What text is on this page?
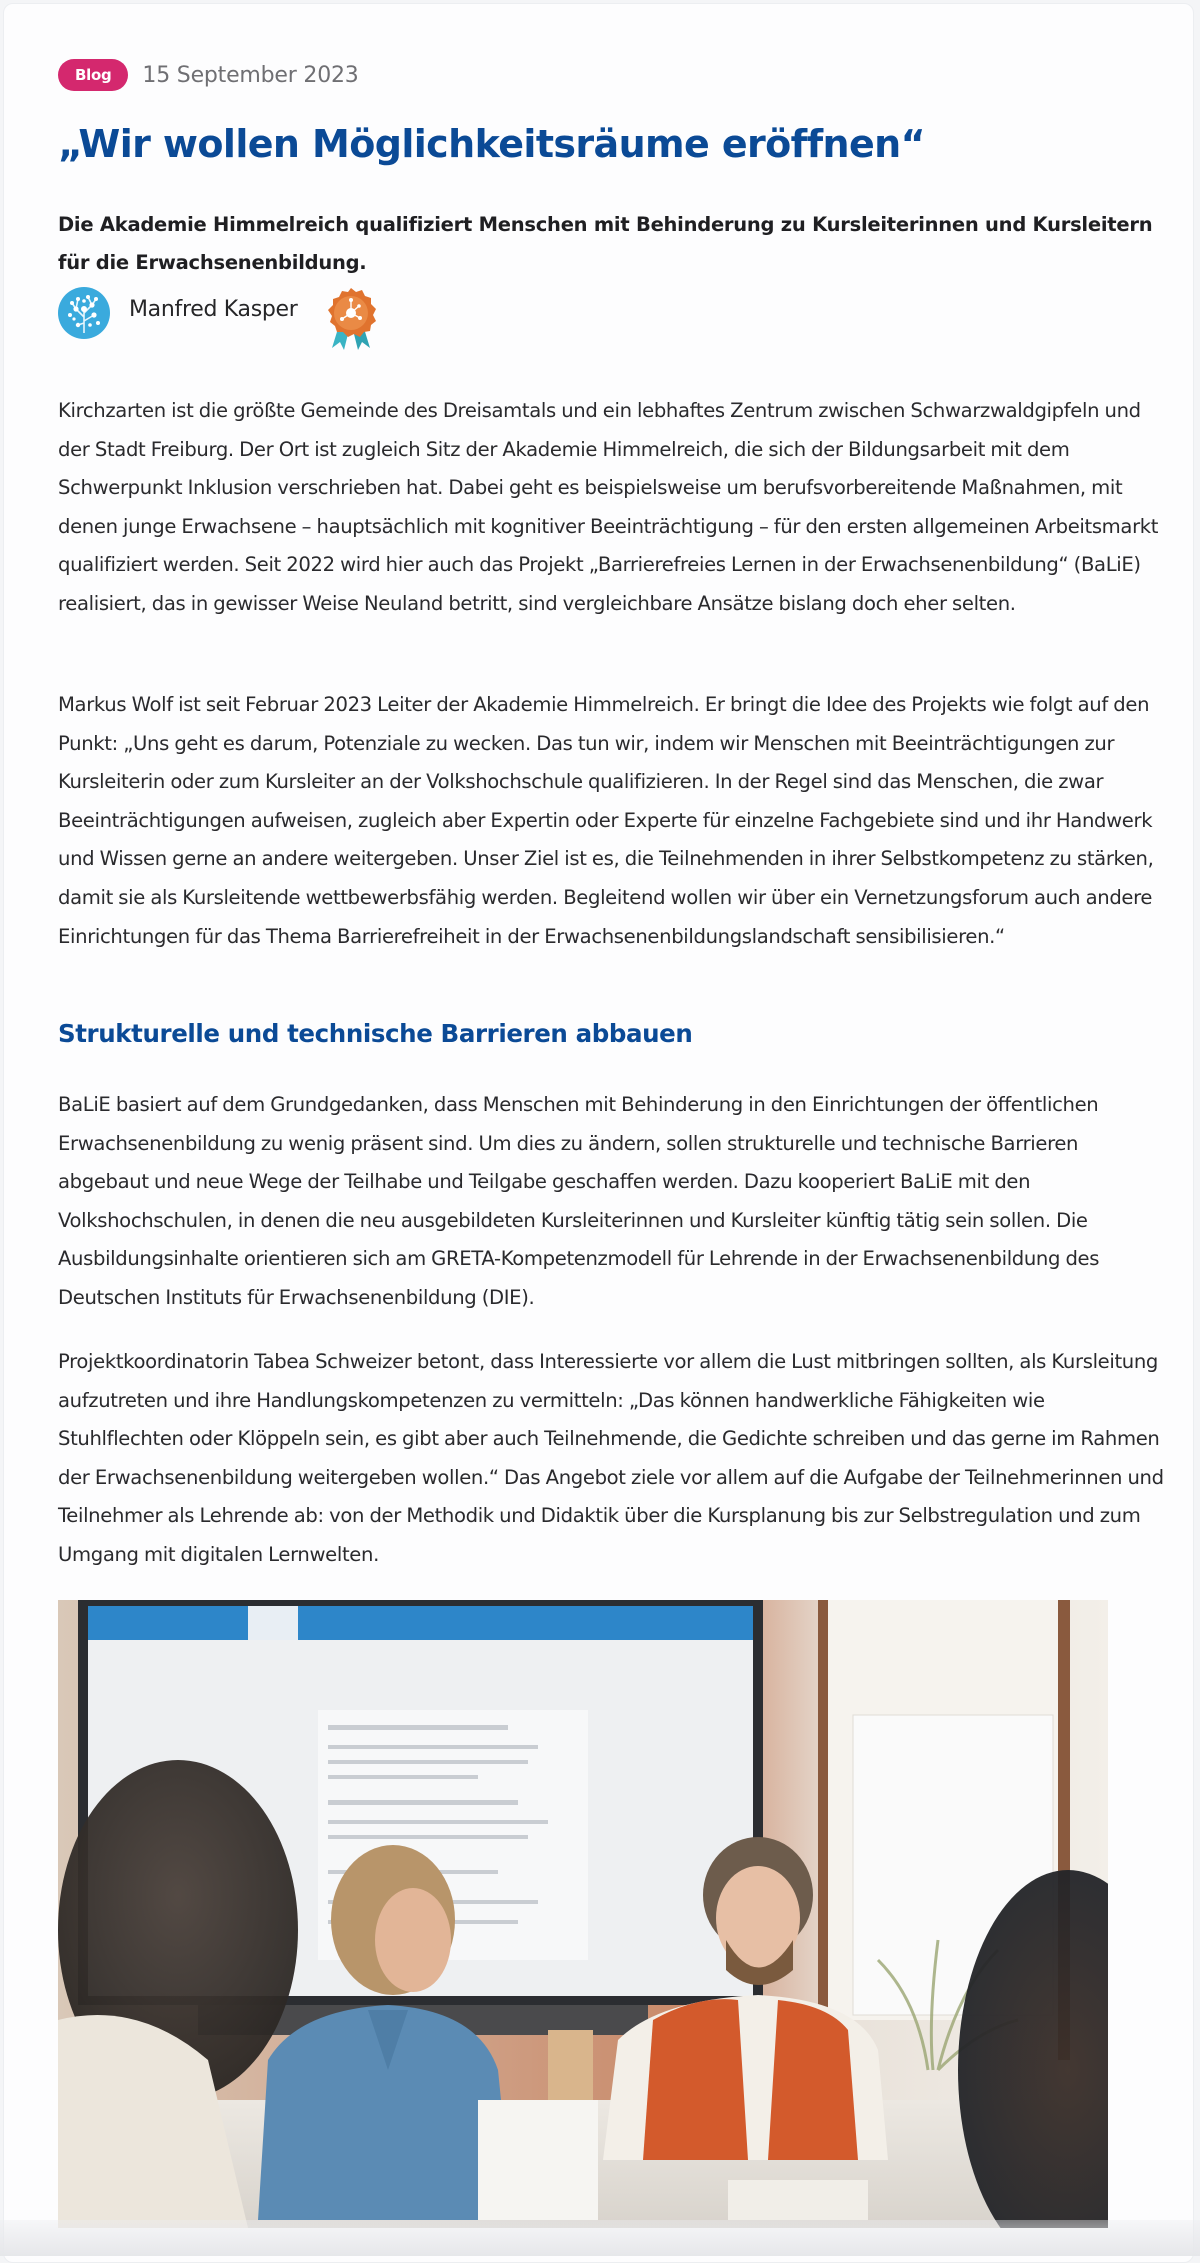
Blog	15 September 2023
„Wir wollen Möglichkeitsräume eröffnen“

Die Akademie Himmelreich qualifiziert Menschen mit Behinderung zu Kursleiterinnen und Kursleitern für die Erwachsenenbildung.

Manfred Kasper

Kirchzarten ist die größte Gemeinde des Dreisamtals und ein lebhaftes Zentrum zwischen Schwarzwaldgipfeln und der Stadt Freiburg. Der Ort ist zugleich Sitz der Akademie Himmelreich, die sich der Bildungsarbeit mit dem Schwerpunkt Inklusion verschrieben hat. Dabei geht es beispielsweise um berufsvorbereitende Maßnahmen, mit denen junge Erwachsene – hauptsächlich mit kognitiver Beeinträchtigung – für den ersten allgemeinen Arbeitsmarkt qualifiziert werden. Seit 2022 wird hier auch das Projekt „Barrierefreies Lernen in der Erwachsenenbildung“ (BaLiE) realisiert, das in gewisser Weise Neuland betritt, sind vergleichbare Ansätze bislang doch eher selten.

Markus Wolf ist seit Februar 2023 Leiter der Akademie Himmelreich. Er bringt die Idee des Projekts wie folgt auf den Punkt: „Uns geht es darum, Potenziale zu wecken. Das tun wir, indem wir Menschen mit Beeinträchtigungen zur Kursleiterin oder zum Kursleiter an der Volkshochschule qualifizieren. In der Regel sind das Menschen, die zwar Beeinträchtigungen aufweisen, zugleich aber Expertin oder Experte für einzelne Fachgebiete sind und ihr Handwerk und Wissen gerne an andere weitergeben. Unser Ziel ist es, die Teilnehmenden in ihrer Selbstkompetenz zu stärken, damit sie als Kursleitende wettbewerbsfähig werden. Begleitend wollen wir über ein Vernetzungsforum auch andere Einrichtungen für das Thema Barrierefreiheit in der Erwachsenenbildungslandschaft sensibilisieren.“

Strukturelle und technische Barrieren abbauen

BaLiE basiert auf dem Grundgedanken, dass Menschen mit Behinderung in den Einrichtungen der öffentlichen Erwachsenenbildung zu wenig präsent sind. Um dies zu ändern, sollen strukturelle und technische Barrieren abgebaut und neue Wege der Teilhabe und Teilgabe geschaffen werden. Dazu kooperiert BaLiE mit den Volkshochschulen, in denen die neu ausgebildeten Kursleiterinnen und Kursleiter künftig tätig sein sollen. Die Ausbildungsinhalte orientieren sich am GRETA-Kompetenzmodell für Lehrende in der Erwachsenenbildung des Deutschen Instituts für Erwachsenenbildung (DIE).

Projektkoordinatorin Tabea Schweizer betont, dass Interessierte vor allem die Lust mitbringen sollten, als Kursleitung aufzutreten und ihre Handlungskompetenzen zu vermitteln: „Das können handwerkliche Fähigkeiten wie Stuhlflechten oder Klöppeln sein, es gibt aber auch Teilnehmende, die Gedichte schreiben und das gerne im Rahmen der Erwachsenenbildung weitergeben wollen.“ Das Angebot ziele vor allem auf die Aufgabe der Teilnehmerinnen und Teilnehmer als Lehrende ab: von der Methodik und Didaktik über die Kursplanung bis zur Selbstregulation und zum Umgang mit digitalen Lernwelten.
